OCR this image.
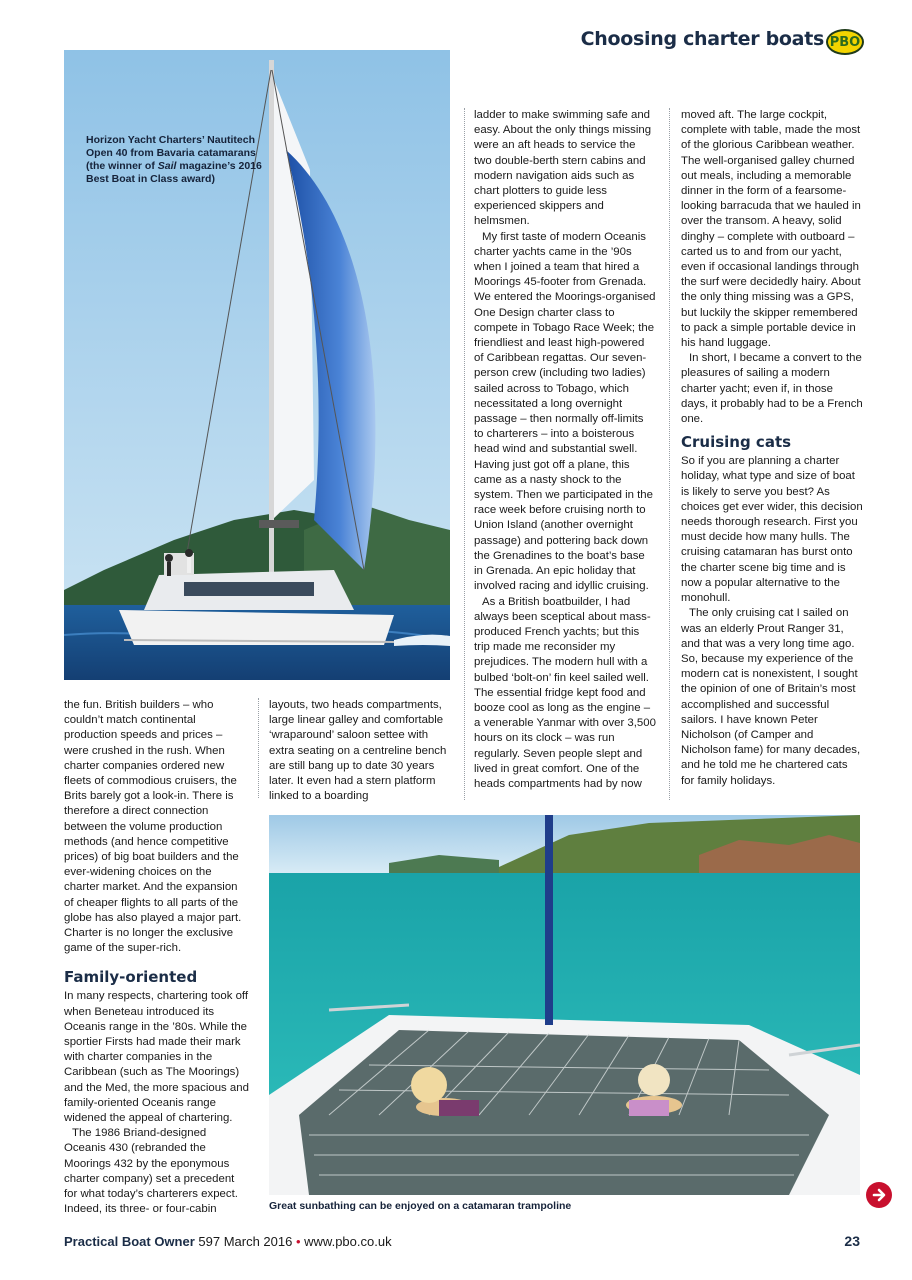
Choosing charter boats PBO
Horizon Yacht Charters’ Nautitech Open 40 from Bavaria catamarans (the winner of Sail magazine’s 2016 Best Boat in Class award)

ladder to make swimming safe and easy. About the only things missing were an aft heads to service the two double-berth stern cabins and modern navigation aids such as chart plotters to guide less experienced skippers and helmsmen.

My first taste of modern Oceanis charter yachts came in the ’90s when I joined a team that hired a Moorings 45-footer from Grenada. We entered the Moorings-organised One Design charter class to compete in Tobago Race Week; the friendliest and least high-powered of Caribbean regattas. Our seven-person crew (including two ladies) sailed across to Tobago, which necessitated a long overnight passage – then normally off-limits to charterers – into a boisterous head wind and substantial swell. Having just got off a plane, this came as a nasty shock to the system. Then we participated in the race week before cruising north to Union Island (another overnight passage) and pottering back down the Grenadines to the boat’s base in Grenada. An epic holiday that involved racing and idyllic cruising.

As a British boatbuilder, I had always been sceptical about mass-produced French yachts; but this trip made me reconsider my prejudices. The modern hull with a bulbed ‘bolt-on’ fin keel sailed well. The essential fridge kept food and booze cool as long as the engine – a venerable Yanmar with over 3,500 hours on its clock – was run regularly. Seven people slept and lived in great comfort. One of the heads compartments had by now

moved aft. The large cockpit, complete with table, made the most of the glorious Caribbean weather. The well-organised galley churned out meals, including a memorable dinner in the form of a fearsome-looking barracuda that we hauled in over the transom. A heavy, solid dinghy – complete with outboard – carted us to and from our yacht, even if occasional landings through the surf were decidedly hairy. About the only thing missing was a GPS, but luckily the skipper remembered to pack a simple portable device in his hand luggage.

In short, I became a convert to the pleasures of sailing a modern charter yacht; even if, in those days, it probably had to be a French one.

Cruising cats

So if you are planning a charter holiday, what type and size of boat is likely to serve you best? As choices get ever wider, this decision needs thorough research. First you must decide how many hulls. The cruising catamaran has burst onto the charter scene big time and is now a popular alternative to the monohull.

The only cruising cat I sailed on was an elderly Prout Ranger 31, and that was a very long time ago. So, because my experience of the modern cat is nonexistent, I sought the opinion of one of Britain’s most accomplished and successful sailors. I have known Peter Nicholson (of Camper and Nicholson fame) for many decades, and he told me he chartered cats for family holidays.

the fun. British builders – who couldn’t match continental production speeds and prices – were crushed in the rush. When charter companies ordered new fleets of commodious cruisers, the Brits barely got a look-in. There is therefore a direct connection between the volume production methods (and hence competitive prices) of big boat builders and the ever-widening choices on the charter market. And the expansion of cheaper flights to all parts of the globe has also played a major part. Charter is no longer the exclusive game of the super-rich.

Family-oriented

In many respects, chartering took off when Beneteau introduced its Oceanis range in the ’80s. While the sportier Firsts had made their mark with charter companies in the Caribbean (such as The Moorings) and the Med, the more spacious and family-oriented Oceanis range widened the appeal of chartering.

The 1986 Briand-designed Oceanis 430 (rebranded the Moorings 432 by the eponymous charter company) set a precedent for what today’s charterers expect. Indeed, its three- or four-cabin

layouts, two heads compartments, large linear galley and comfortable ‘wraparound’ saloon settee with extra seating on a centreline bench are still bang up to date 30 years later. It even had a stern platform linked to a boarding

Great sunbathing can be enjoyed on a catamaran trampoline
Practical Boat Owner 597 March 2016 • www.pbo.co.uk	23
